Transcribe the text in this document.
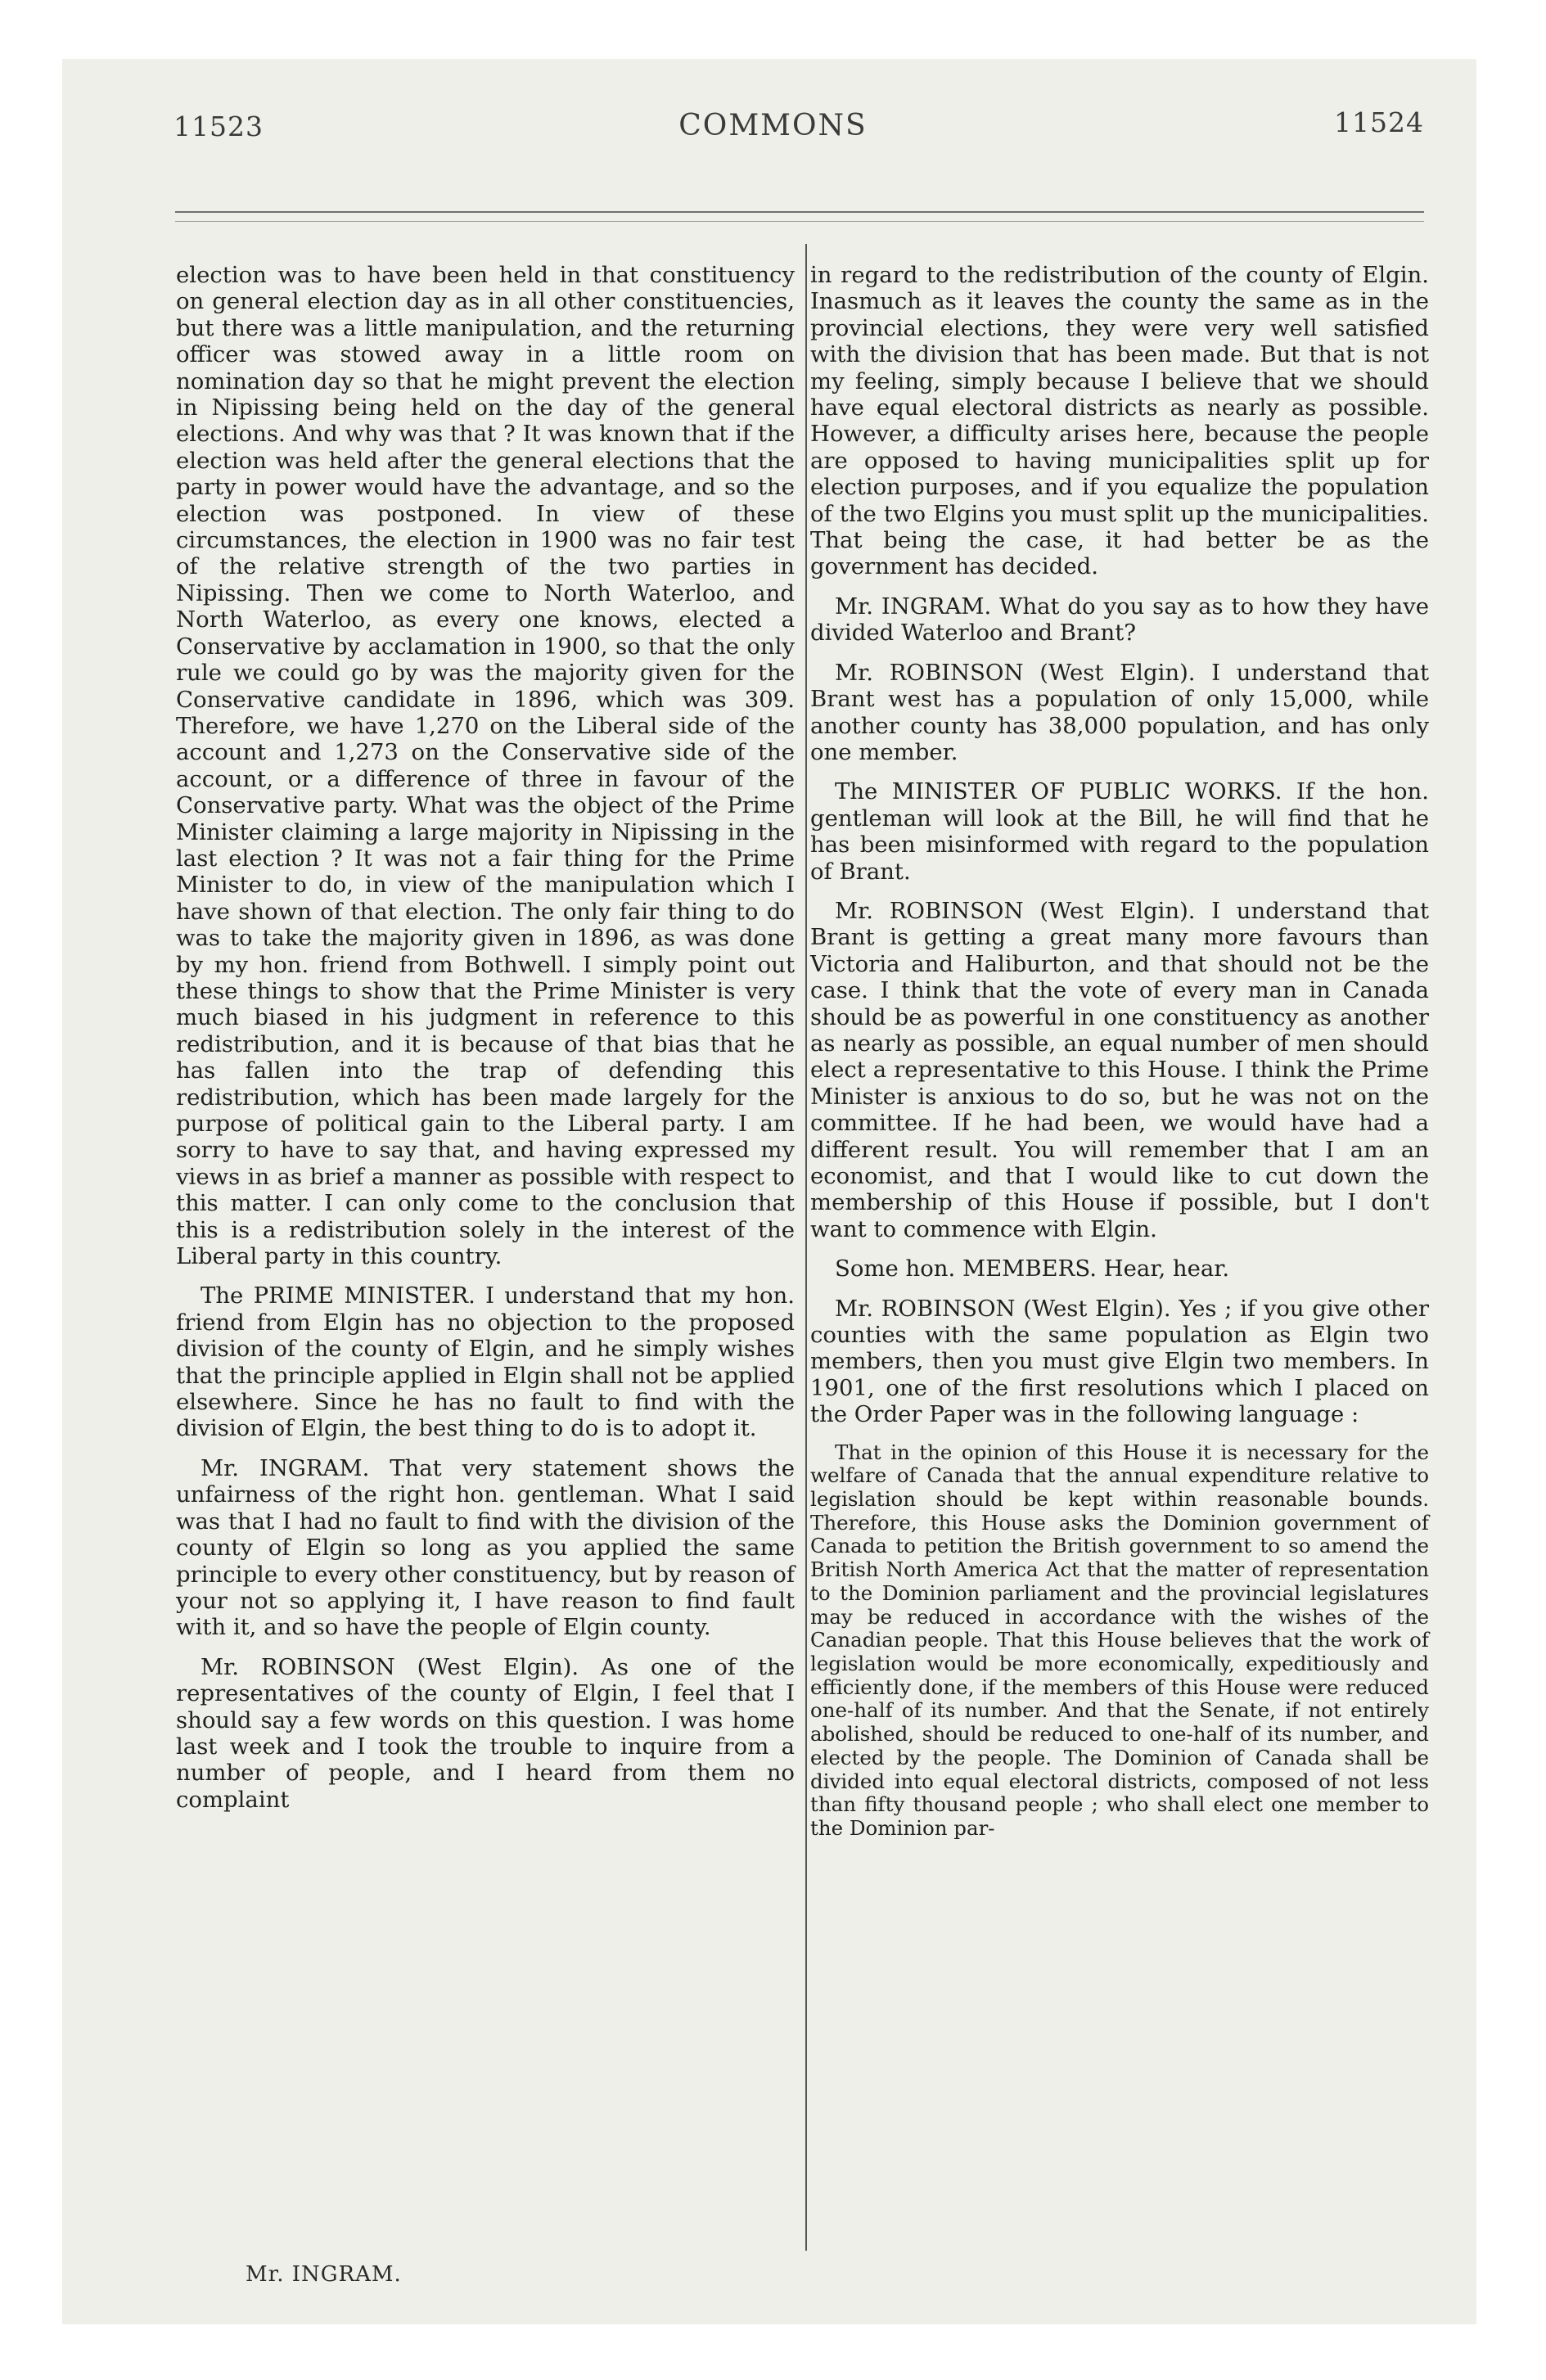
11523	COMMONS	11524

election was to have been held in that constituency on general election day as in all other constituencies, but there was a little manipulation, and the returning officer was stowed away in a little room on nomination day so that he might prevent the election in Nipissing being held on the day of the general elections. And why was that ? It was known that if the election was held after the general elections that the party in power would have the advantage, and so the election was postponed. In view of these circumstances, the election in 1900 was no fair test of the relative strength of the two parties in Nipissing. Then we come to North Waterloo, and North Waterloo, as every one knows, elected a Conservative by acclamation in 1900, so that the only rule we could go by was the majority given for the Conservative candidate in 1896, which was 309. Therefore, we have 1,270 on the Liberal side of the account and 1,273 on the Conservative side of the account, or a difference of three in favour of the Conservative party. What was the object of the Prime Minister claiming a large majority in Nipissing in the last election ? It was not a fair thing for the Prime Minister to do, in view of the manipulation which I have shown of that election. The only fair thing to do was to take the majority given in 1896, as was done by my hon. friend from Bothwell. I simply point out these things to show that the Prime Minister is very much biased in his judgment in reference to this redistribution, and it is because of that bias that he has fallen into the trap of defending this redistribution, which has been made largely for the purpose of political gain to the Liberal party. I am sorry to have to say that, and having expressed my views in as brief a manner as possible with respect to this matter. I can only come to the conclusion that this is a redistribution solely in the interest of the Liberal party in this country.

The PRIME MINISTER. I understand that my hon. friend from Elgin has no objection to the proposed division of the county of Elgin, and he simply wishes that the principle applied in Elgin shall not be applied elsewhere. Since he has no fault to find with the division of Elgin, the best thing to do is to adopt it.

Mr. INGRAM. That very statement shows the unfairness of the right hon. gentleman. What I said was that I had no fault to find with the division of the county of Elgin so long as you applied the same principle to every other constituency, but by reason of your not so applying it, I have reason to find fault with it, and so have the people of Elgin county.

Mr. ROBINSON (West Elgin). As one of the representatives of the county of Elgin, I feel that I should say a few words on this question. I was home last week and I took the trouble to inquire from a number of people, and I heard from them no complaint

in regard to the redistribution of the county of Elgin. Inasmuch as it leaves the county the same as in the provincial elections, they were very well satisfied with the division that has been made. But that is not my feeling, simply because I believe that we should have equal electoral districts as nearly as possible. However, a difficulty arises here, because the people are opposed to having municipalities split up for election purposes, and if you equalize the population of the two Elgins you must split up the municipalities. That being the case, it had better be as the government has decided.

Mr. INGRAM. What do you say as to how they have divided Waterloo and Brant?

Mr. ROBINSON (West Elgin). I understand that Brant west has a population of only 15,000, while another county has 38,000 population, and has only one member.

The MINISTER OF PUBLIC WORKS. If the hon. gentleman will look at the Bill, he will find that he has been misinformed with regard to the population of Brant.

Mr. ROBINSON (West Elgin). I understand that Brant is getting a great many more favours than Victoria and Haliburton, and that should not be the case. I think that the vote of every man in Canada should be as powerful in one constituency as another as nearly as possible, an equal number of men should elect a representative to this House. I think the Prime Minister is anxious to do so, but he was not on the committee. If he had been, we would have had a different result. You will remember that I am an economist, and that I would like to cut down the membership of this House if possible, but I don't want to commence with Elgin.

Some hon. MEMBERS. Hear, hear.

Mr. ROBINSON (West Elgin). Yes ; if you give other counties with the same population as Elgin two members, then you must give Elgin two members. In 1901, one of the first resolutions which I placed on the Order Paper was in the following language :

That in the opinion of this House it is necessary for the welfare of Canada that the annual expenditure relative to legislation should be kept within reasonable bounds. Therefore, this House asks the Dominion government of Canada to petition the British government to so amend the British North America Act that the matter of representation to the Dominion parliament and the provincial legislatures may be reduced in accordance with the wishes of the Canadian people. That this House believes that the work of legislation would be more economically, expeditiously and efficiently done, if the members of this House were reduced one-half of its number. And that the Senate, if not entirely abolished, should be reduced to one-half of its number, and elected by the people. The Dominion of Canada shall be divided into equal electoral districts, composed of not less than fifty thousand people ; who shall elect one member to the Dominion par-

Mr. INGRAM.
